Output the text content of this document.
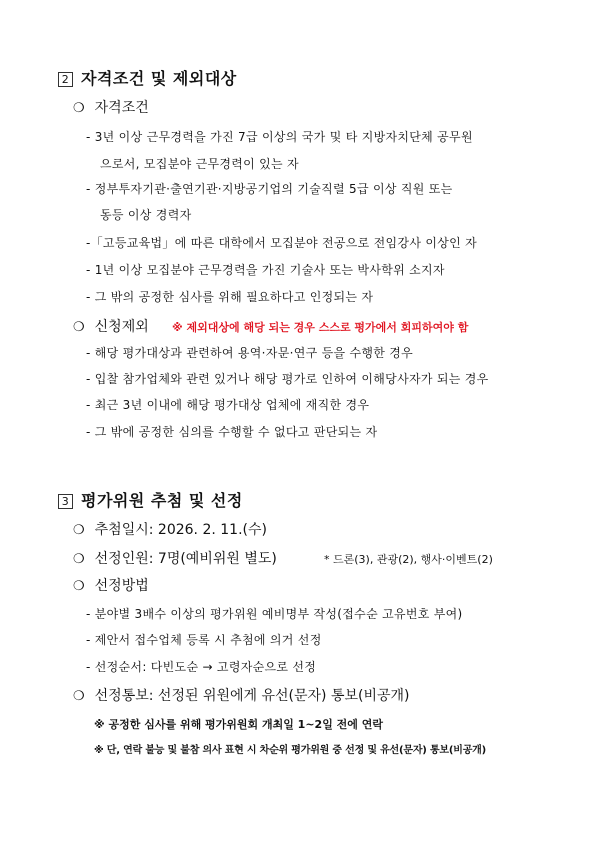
2 자격조건 및 제외대상
❍ 자격조건
- 3년 이상 근무경력을 가진 7급 이상의 국가 및 타 지방자치단체 공무원
으로서, 모집분야 근무경력이 있는 자
- 정부투자기관·출연기관·지방공기업의 기술직렬 5급 이상 직원 또는
동등 이상 경력자
-「고등교육법」에 따른 대학에서 모집분야 전공으로 전임강사 이상인 자
- 1년 이상 모집분야 근무경력을 가진 기술사 또는 박사학위 소지자
- 그 밖의 공정한 심사를 위해 필요하다고 인정되는 자
❍ 신청제외 ※ 제외대상에 해당 되는 경우 스스로 평가에서 회피하여야 함
- 해당 평가대상과 관련하여 용역·자문·연구 등을 수행한 경우
- 입찰 참가업체와 관련 있거나 해당 평가로 인하여 이해당사자가 되는 경우
- 최근 3년 이내에 해당 평가대상 업체에 재직한 경우
- 그 밖에 공정한 심의를 수행할 수 없다고 판단되는 자
3 평가위원 추첨 및 선정
❍ 추첨일시: 2026. 2. 11.(수)
❍ 선정인원: 7명(예비위원 별도)	* 드론(3), 관광(2), 행사·이벤트(2)
❍ 선정방법
- 분야별 3배수 이상의 평가위원 예비명부 작성(접수순 고유번호 부여)
- 제안서 접수업체 등록 시 추첨에 의거 선정
- 선정순서: 다빈도순 → 고령자순으로 선정
❍ 선정통보: 선정된 위원에게 유선(문자) 통보(비공개)
※ 공정한 심사를 위해 평가위원회 개최일 1~2일 전에 연락
※ 단, 연락 불능 및 불참 의사 표현 시 차순위 평가위원 중 선정 및 유선(문자) 통보(비공개)
